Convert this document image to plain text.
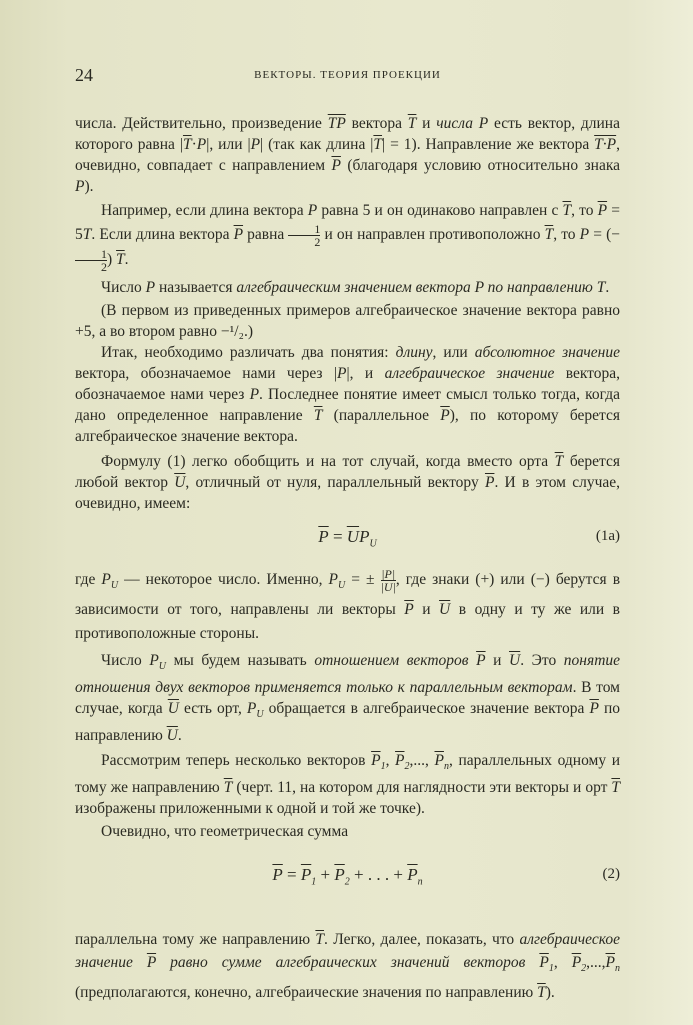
24	ВЕКТОРЫ. ТЕОРИЯ ПРОЕКЦИИ

числа. Действительно, произведение $\overline{TP}$ вектора $\overline{T}$ и числа P есть вектор, длина которого равна $|\overline{T}\cdot P|$, или |P| (так как длина $|\overline{T}| = 1$). Направление же вектора T·P, очевидно, совпадает с направлением $\overline{P}$ (благодаря условию относительно знака P).

Например, если длина вектора P равна 5 и он одинаково направлен с $\overline{T}$, то $\overline{P} = 5T$. Если длина вектора $\overline{P}$ равна $\frac{1}{2}$ и он направлен противоположно $\overline{T}$, то P = (−
$\frac{1}{2}$ ) $\overline{T}$.

Число P называется алгебраическим значением вектора P по направлению T.

(В первом из приведенных примеров алгебраическое значение вектора равно +5, а во втором равно −¹/₂.)

Итак, необходимо различать два понятия: длину, или абсолютное значение вектора, обозначаемое нами через |P|, и алгебраическое значение вектора, обозначаемое нами через P. Последнее понятие имеет смысл только тогда, когда дано определенное направление $\overline{T}$ (параллельное $\overline{P}$), по которому берется алгебраическое значение вектора.

Формулу (1) легко обобщить и на тот случай, когда вместо орта $\overline{T}$ берется любой вектор $\overline{U}$, отличный от нуля, параллельный вектору $\overline{P}$. И в этом случае, очевидно, имеем:

$\overline{P} = \overline{U}P_U$	(1a)

где $P_U$ — некоторое число. Именно, $P_U$ = ± $\frac{|P|}{|U|}$ , где знаки (+) или (−) берутся в зависимости от того, направлены ли векторы $\overline{P}$ и $\overline{U}$ в одну и ту же или в противоположные стороны.

Число $P_U$ мы будем называть отношением векторов $\overline{P}$ и $\overline{U}$. Это понятие отношения двух векторов применяется только к параллельным векторам. В том случае, когда $\overline{U}$ есть орт, $P_U$ обращается в алгебраическое значение вектора $\overline{P}$ по направлению $\overline{U}$.

Рассмотрим теперь несколько векторов $\overline{P}_1$, $\overline{P}_2$,..., $\overline{P}_n$, параллельных одному и тому же направлению $\overline{T}$ (черт. 11, на котором для наглядности эти векторы и орт $\overline{T}$ изображены приложенными к одной и той же точке).

Очевидно, что геометрическая сумма

$\overline{P} = \overline{P}_1 + \overline{P}_2$ + . . . + $\overline{P}_n$	(2)

параллельна тому же направлению $\overline{T}$. Легко, далее, показать, что алгебраическое значение $\overline{P}$ равно сумме алгебраических значений векторов $\overline{P}_1$, $\overline{P}_2,...,\overline{P}_n$ (предполагаются, конечно, алгебраические значения по направлению $\overline{T}$).
